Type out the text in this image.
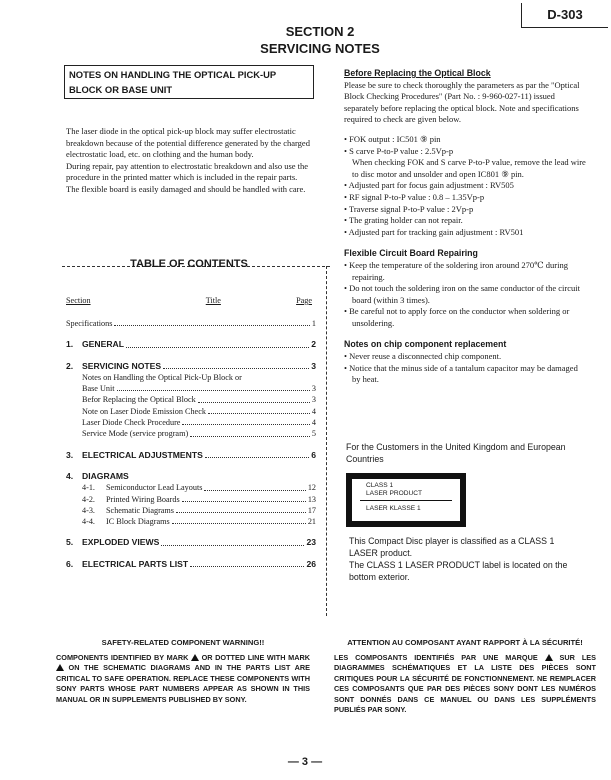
D-303
SECTION 2
SERVICING NOTES
NOTES ON HANDLING THE OPTICAL PICK-UP BLOCK OR BASE UNIT
The laser diode in the optical pick-up block may suffer electrostatic breakdown because of the potential difference generated by the charged electrostatic load, etc. on clothing and the human body.
During repair, pay attention to electrostatic breakdown and also use the procedure in the printed matter which is included in the repair parts.
The flexible board is easily damaged and should be handled with care.
TABLE OF CONTENTS
Section	Title	Page
Specifications	1
1.	GENERAL	2
2.	SERVICING NOTES	3
Notes on Handling the Optical Pick-Up Block or
Base Unit	3
Befor Replacing the Optical Block	3
Note on Laser Diode Emission Check	4
Laser Diode Check Procedure	4
Service Mode (service program)	5
3.	ELECTRICAL ADJUSTMENTS	6
4.	DIAGRAMS
4-1.	Semiconductor Lead Layouts	12
4-2.	Printed Wiring Boards	13
4-3.	Schematic Diagrams	17
4-4.	IC Block Diagrams	21
5.	EXPLODED VIEWS	23
6.	ELECTRICAL PARTS LIST	26
Before Replacing the Optical Block
Please be sure to check thoroughly the parameters as par the "Optical Block Checking Procedures" (Part No. : 9-960-027-11) issued separately before replacing the optical block. Note and specifications required to check are given below.
• FOK output : IC501 ⑨ pin
• S carve P-to-P value : 2.5Vp-p
When checking FOK and S carve P-to-P value, remove the lead wire to disc motor and unsolder and open IC801 ⑨ pin.
• Adjusted part for focus gain adjustment : RV505
• RF signal P-to-P value : 0.8 – 1.35Vp-p
• Traverse signal P-to-P value : 2Vp-p
• The grating holder can not repair.
• Adjusted part for tracking gain adjustment : RV501
Flexible Circuit Board Repairing
• Keep the temperature of the soldering iron around 270℃ during repairing.
• Do not touch the soldering iron on the same conductor of the circuit board (within 3 times).
• Be careful not to apply force on the conductor when soldering or unsoldering.
Notes on chip component replacement
• Never reuse a disconnected chip component.
• Notice that the minus side of a tantalum capacitor may be damaged by heat.
For the Customers in the United Kingdom and European Countries
CLASS 1
LASER PRODUCT
LASER KLASSE 1
This Compact Disc player is classified as a CLASS 1 LASER product.
The CLASS 1 LASER PRODUCT label is located on the bottom exterior.
SAFETY-RELATED COMPONENT WARNING!!
COMPONENTS IDENTIFIED BY MARK OR DOTTED LINE WITH MARK  ON THE SCHEMATIC DIAGRAMS AND IN THE PARTS LIST ARE CRITICAL TO SAFE OPERATION. REPLACE THESE COMPONENTS WITH SONY PARTS WHOSE PART NUMBERS APPEAR AS SHOWN IN THIS MANUAL OR IN SUPPLEMENTS PUBLISHED BY SONY.
ATTENTION AU COMPOSANT AYANT RAPPORT À LA SÉCURITÉ!
LES COMPOSANTS IDENTIFIÉS PAR UNE MARQUE	SUR LES DIAGRAMMES SCHÉMATIQUES ET LA LISTE DES PIÈCES SONT CRITIQUES POUR LA SÉCURITÉ DE FONCTIONNEMENT. NE REMPLACER CES COMPOSANTS QUE PAR DES PIÈCES SONY DONT LES NUMÉROS SONT DONNÉS DANS CE MANUEL OU DANS LES SUPPLÉMENTS PUBLIÉS PAR SONY.
— 3 —
